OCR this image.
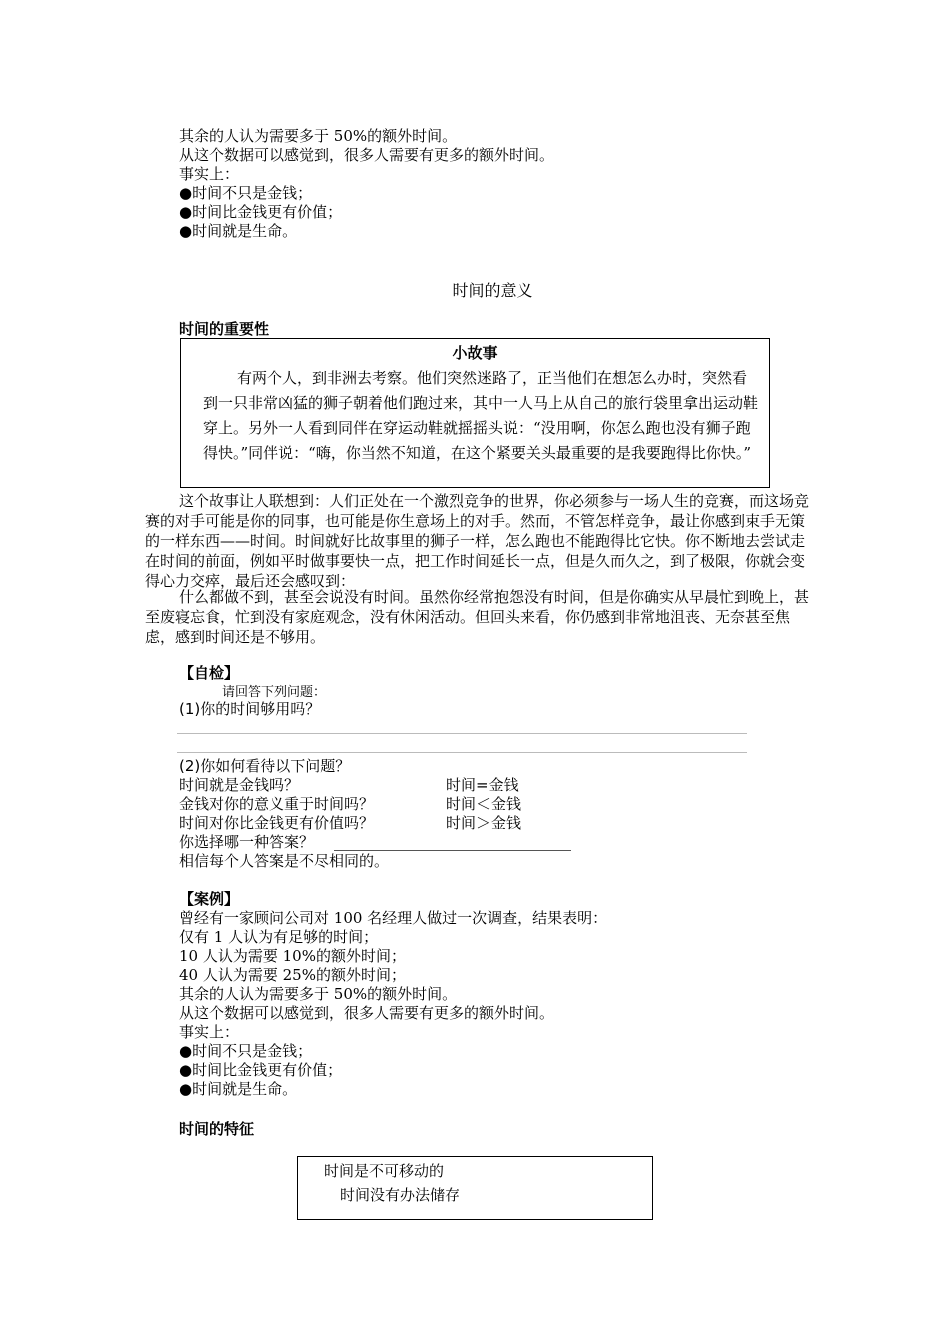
其余的人认为需要多于 50%的额外时间。
从这个数据可以感觉到，很多人需要有更多的额外时间。
事实上：
●时间不只是金钱；
●时间比金钱更有价值；
●时间就是生命。
时间的意义
时间的重要性
小故事
有两个人，到非洲去考察。他们突然迷路了，正当他们在想怎么办时，突然看到一只非常凶猛的狮子朝着他们跑过来，其中一人马上从自己的旅行袋里拿出运动鞋穿上。另外一人看到同伴在穿运动鞋就摇摇头说：“没用啊，你怎么跑也没有狮子跑得快。”同伴说：“嗨，你当然不知道，在这个紧要关头最重要的是我要跑得比你快。”
这个故事让人联想到：人们正处在一个激烈竞争的世界，你必须参与一场人生的竞赛，而这场竞赛的对手可能是你的同事，也可能是你生意场上的对手。然而，不管怎样竞争，最让你感到束手无策的一样东西——时间。时间就好比故事里的狮子一样，怎么跑也不能跑得比它快。你不断地去尝试走在时间的前面，例如平时做事要快一点，把工作时间延长一点，但是久而久之，到了极限，你就会变得心力交瘁，最后还会感叹到：
什么都做不到，甚至会说没有时间。虽然你经常抱怨没有时间，但是你确实从早晨忙到晚上，甚至废寝忘食，忙到没有家庭观念，没有休闲活动。但回头来看，你仍感到非常地沮丧、无奈甚至焦虑，感到时间还是不够用。
【自检】
请回答下列问题：
(1)你的时间够用吗？
(2)你如何看待以下问题？
时间就是金钱吗？	时间=金钱
金钱对你的意义重于时间吗？	时间＜金钱
时间对你比金钱更有价值吗？	时间＞金钱
你选择哪一种答案？
相信每个人答案是不尽相同的。
【案例】
曾经有一家顾问公司对 100 名经理人做过一次调查，结果表明：
仅有 1 人认为有足够的时间；
10 人认为需要 10%的额外时间；
40 人认为需要 25%的额外时间；
其余的人认为需要多于 50%的额外时间。
从这个数据可以感觉到，很多人需要有更多的额外时间。
事实上：
●时间不只是金钱；
●时间比金钱更有价值；
●时间就是生命。
时间的特征
时间是不可移动的
时间没有办法储存
